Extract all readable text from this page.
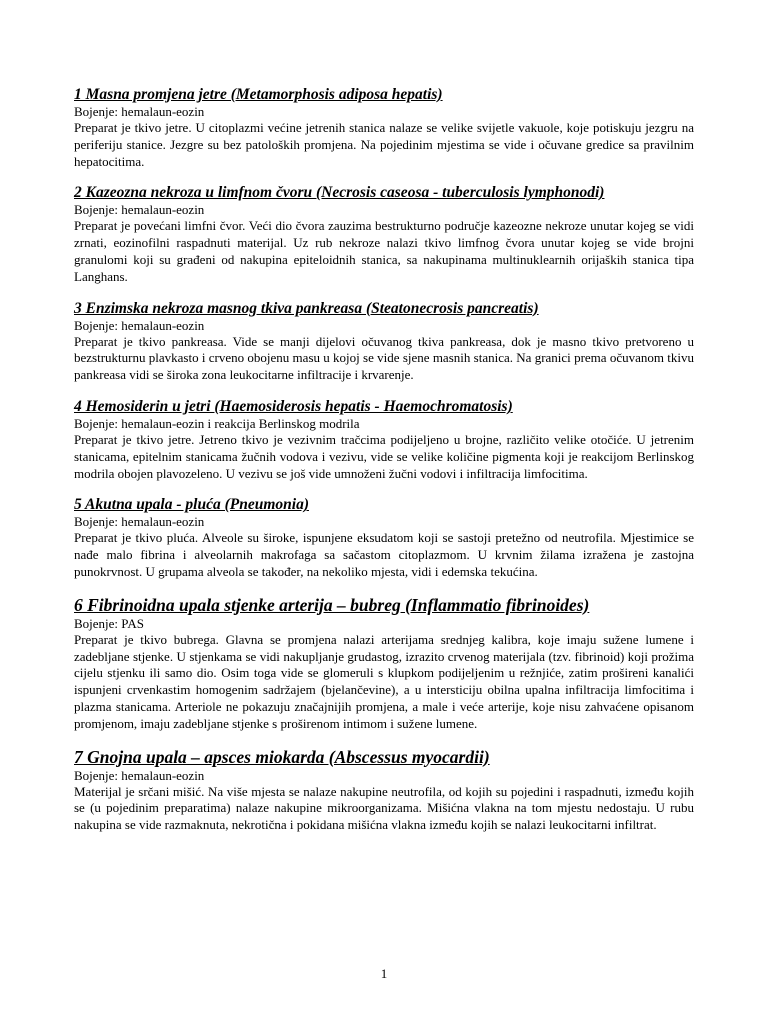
1 Masna promjena jetre (Metamorphosis adiposa hepatis)

Bojenje: hemalaun-eozin

Preparat je tkivo jetre. U citoplazmi većine jetrenih stanica nalaze se velike svijetle vakuole, koje potiskuju jezgru na periferiju stanice. Jezgre su bez patoloških promjena. Na pojedinim mjestima se vide i očuvane gredice sa pravilnim hepatocitima.

2 Kazeozna nekroza u limfnom čvoru (Necrosis caseosa - tuberculosis lymphonodi)

Bojenje: hemalaun-eozin

Preparat je povećani limfni čvor. Veći dio čvora zauzima bestrukturno područje kazeozne nekroze unutar kojeg se vidi zrnati, eozinofilni raspadnuti materijal. Uz rub nekroze nalazi tkivo limfnog čvora unutar kojeg se vide brojni granulomi koji su građeni od nakupina epiteloidnih stanica, sa nakupinama multinuklearnih orijaških stanica tipa Langhans.

3 Enzimska nekroza masnog tkiva pankreasa (Steatonecrosis pancreatis)

Bojenje: hemalaun-eozin

Preparat je tkivo pankreasa. Vide se manji dijelovi očuvanog tkiva pankreasa, dok je masno tkivo pretvoreno u bezstrukturnu plavkasto i crveno obojenu masu u kojoj se vide sjene masnih stanica. Na granici prema očuvanom tkivu pankreasa vidi se široka zona leukocitarne infiltracije i krvarenje.

4 Hemosiderin u jetri (Haemosiderosis hepatis - Haemochromatosis)

Bojenje: hemalaun-eozin i reakcija Berlinskog modrila

Preparat je tkivo jetre. Jetreno tkivo je vezivnim tračcima podijeljeno u brojne, različito velike otočiće. U jetrenim stanicama, epitelnim stanicama žučnih vodova i vezivu, vide se velike količine pigmenta koji je reakcijom Berlinskog modrila obojen plavozeleno. U vezivu se još vide umnoženi žučni vodovi i infiltracija limfocitima.

5 Akutna upala - pluća (Pneumonia)

Bojenje: hemalaun-eozin

Preparat je tkivo pluća. Alveole su široke, ispunjene eksudatom koji se sastoji pretežno od neutrofila. Mjestimice se nađe malo fibrina i alveolarnih makrofaga sa sačastom citoplazmom. U krvnim žilama izražena je zastojna punokrvnost. U grupama alveola se također, na nekoliko mjesta, vidi i edemska tekućina.

6 Fibrinoidna upala stjenke arterija – bubreg (Inflammatio fibrinoides)

Bojenje: PAS

Preparat je tkivo bubrega. Glavna se promjena nalazi arterijama srednjeg kalibra, koje imaju sužene lumene i zadebljane stjenke. U stjenkama se vidi nakupljanje grudastog, izrazito crvenog materijala (tzv. fibrinoid) koji prožima cijelu stjenku ili samo dio. Osim toga vide se glomeruli s klupkom podijeljenim u režnjiće, zatim prošireni kanalići ispunjeni crvenkastim homogenim sadržajem (bjelančevine), a u intersticiju obilna upalna infiltracija limfocitima i plazma stanicama. Arteriole ne pokazuju značajnijih promjena, a male i veće arterije, koje nisu zahvaćene opisanom promjenom, imaju zadebljane stjenke s proširenom intimom i sužene lumene.

7 Gnojna upala – apsces miokarda (Abscessus myocardii)

Bojenje: hemalaun-eozin

Materijal je srčani mišić. Na više mjesta se nalaze nakupine neutrofila, od kojih su pojedini i raspadnuti, između kojih se (u pojedinim preparatima) nalaze nakupine mikroorganizama. Mišićna vlakna na tom mjestu nedostaju. U rubu nakupina se vide razmaknuta, nekrotična i pokidana mišićna vlakna između kojih se nalazi leukocitarni infiltrat.

1
